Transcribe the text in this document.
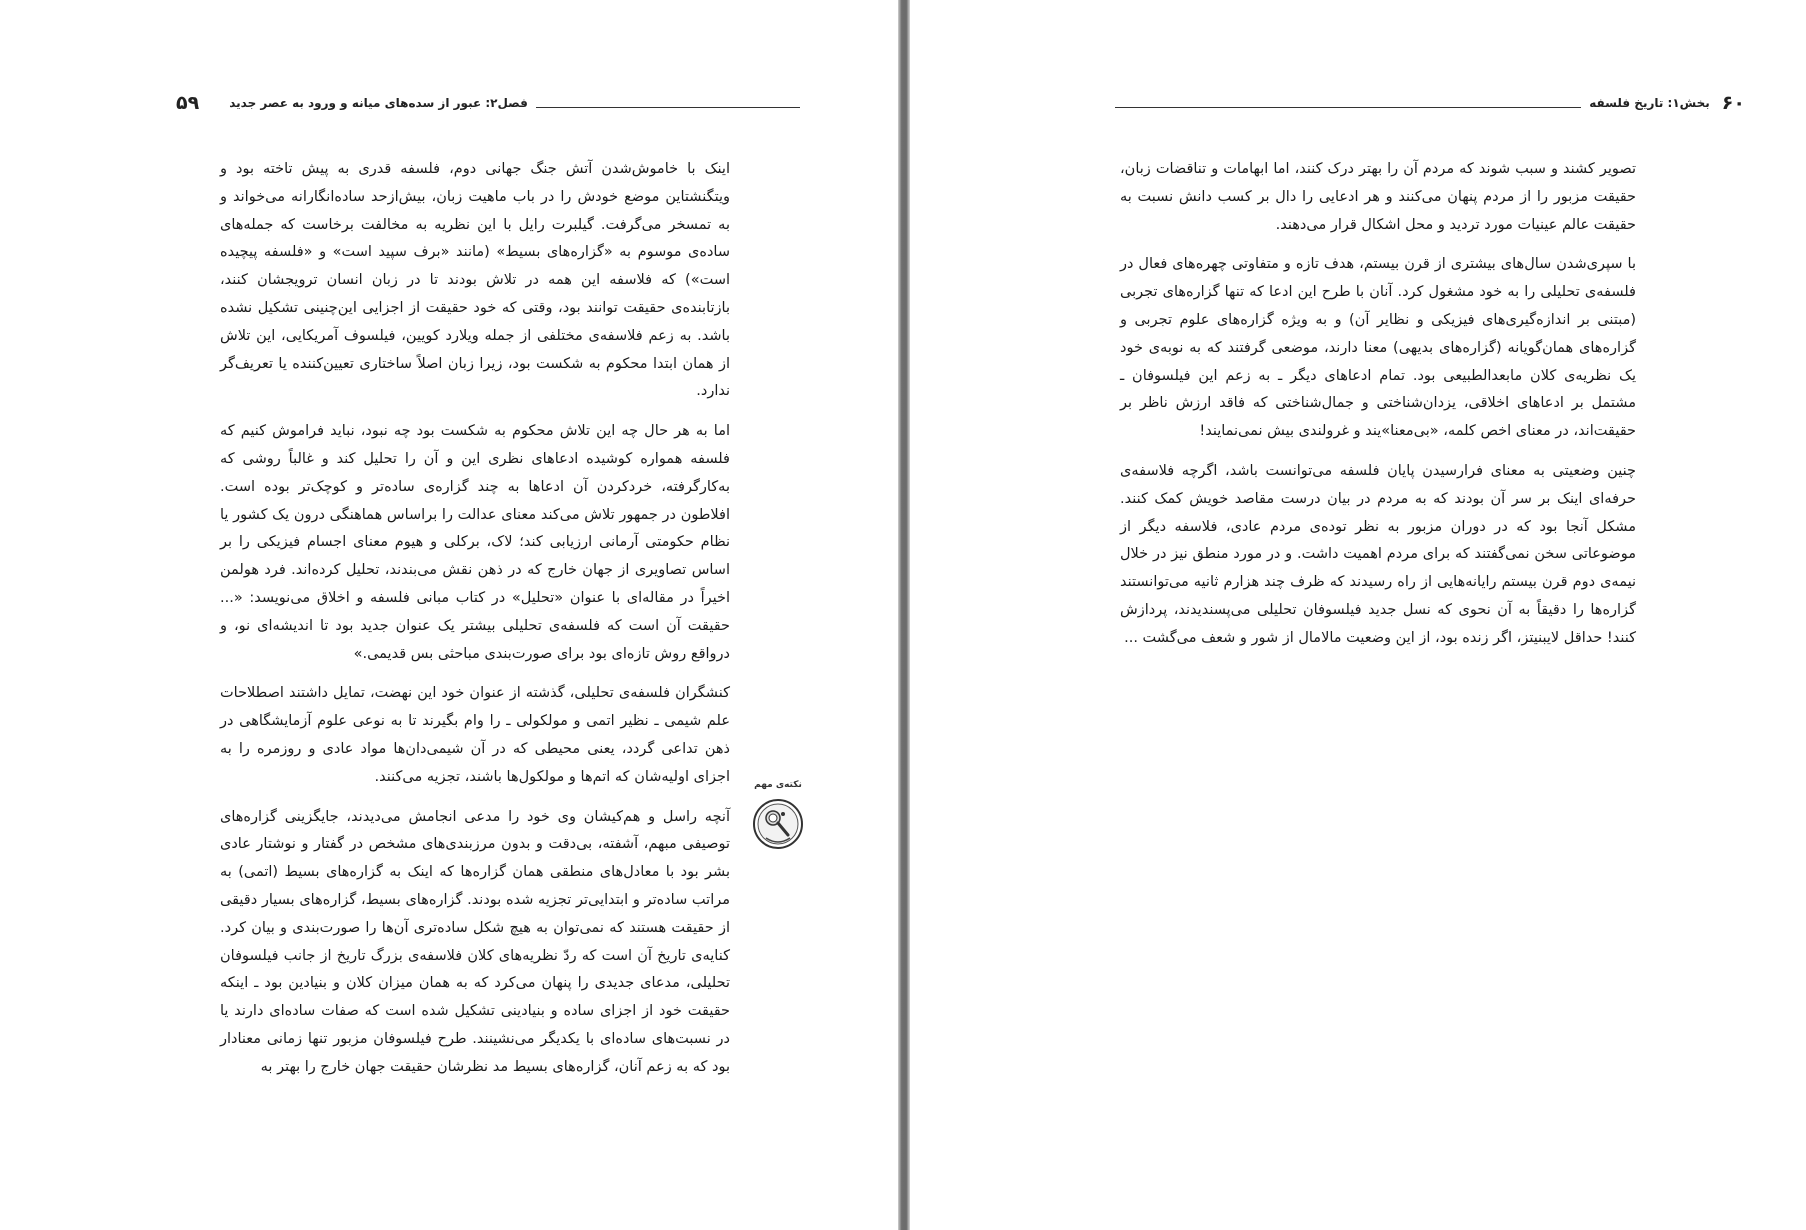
۵۹	فصل۲: عبور از سده‌های میانه و ورود به عصر جدید

اینک با خاموش‌شدن آتش جنگ جهانی دوم، فلسفه قدری به پیش تاخته بود و ویتگنشتاین موضع خودش را در باب ماهیت زبان، بیش‌ازحد ساده‌انگارانه می‌خواند و به تمسخر می‌گرفت. گیلبرت رایل با این نظریه به مخالفت برخاست که جمله‌های ساده‌ی موسوم به «گزاره‌های بسیط» (مانند «برف سپید است» و «فلسفه پیچیده است») که فلاسفه این همه در تلاش بودند تا در زبان انسان ترویجشان کنند، بازتابنده‌ی حقیقت توانند بود، وقتی که خود حقیقت از اجزایی این‌چنینی تشکیل نشده باشد. به زعم فلاسفه‌ی مختلفی از جمله ویلارد کویین، فیلسوف آمریکایی، این تلاش از همان ابتدا محکوم به شکست بود، زیرا زبان اصلاً ساختاری تعیین‌کننده یا تعریف‌گر ندارد.

اما به هر حال چه این تلاش محکوم به شکست بود چه نبود، نباید فراموش کنیم که فلسفه همواره کوشیده ادعاهای نظری این و آن را تحلیل کند و غالباً روشی که به‌کارگرفته، خردکردن آن ادعاها به چند گزاره‌ی ساده‌تر و کوچک‌تر بوده است. افلاطون در جمهور تلاش می‌کند معنای عدالت را براساس هماهنگی درون یک کشور یا نظام حکومتی آرمانی ارزیابی کند؛ لاک، برکلی و هیوم معنای اجسام فیزیکی را بر اساس تصاویری از جهان خارج که در ذهن نقش می‌بندند، تحلیل کرده‌اند. فرد هولمن اخیراً در مقاله‌ای با عنوان «تحلیل» در کتاب مبانی فلسفه و اخلاق می‌نویسد: «... حقیقت آن است که فلسفه‌ی تحلیلی بیشتر یک عنوان جدید بود تا اندیشه‌ای نو، و درواقع روش تازه‌ای بود برای صورت‌بندی مباحثی بس قدیمی.»

کنشگران فلسفه‌ی تحلیلی، گذشته از عنوان خود این نهضت، تمایل داشتند اصطلاحات علم شیمی ـ نظیر اتمی و مولکولی ـ را وام بگیرند تا به نوعی علوم آزمایشگاهی در ذهن تداعی گردد، یعنی محیطی که در آن شیمی‌دان‌ها مواد عادی و روزمره را به اجزای اولیه‌شان که اتم‌ها و مولکول‌ها باشند، تجزیه می‌کنند.

آنچه راسل و هم‌کیشان وی خود را مدعی انجامش می‌دیدند، جایگزینی گزاره‌های توصیفی مبهم، آشفته، بی‌دقت و بدون مرزبندی‌های مشخص در گفتار و نوشتار عادی بشر بود با معادل‌های منطقی همان گزاره‌ها که اینک به گزاره‌های بسیط (اتمی) به مراتب ساده‌تر و ابتدایی‌تر تجزیه شده بودند. گزاره‌های بسیط، گزاره‌های بسیار دقیقی از حقیقت هستند که نمی‌توان به هیچ شکل ساده‌تری آن‌ها را صورت‌بندی و بیان کرد. کنایه‌ی تاریخ آن است که ردّ نظریه‌های کلان فلاسفه‌ی بزرگ تاریخ از جانب فیلسوفان تحلیلی، مدعای جدیدی را پنهان می‌کرد که به همان میزان کلان و بنیادین بود ـ اینکه حقیقت خود از اجزای ساده و بنیادینی تشکیل شده است که صفات ساده‌ای دارند یا در نسبت‌های ساده‌ای با یکدیگر می‌نشینند. طرح فیلسوفان مزبور تنها زمانی معنادار بود که به زعم آنان، گزاره‌های بسیط مد نظرشان حقیقت جهان خارج را بهتر به

نکته‌ی مهم
بخش۱: تاریخ فلسفه ۶۰

تصویر کشند و سبب شوند که مردم آن را بهتر درک کنند، اما ابهامات و تناقضات زبان، حقیقت مزبور را از مردم پنهان می‌کنند و هر ادعایی را دال بر کسب دانش نسبت به حقیقت عالم عینیات مورد تردید و محل اشکال قرار می‌دهند.

با سپری‌شدن سال‌های بیشتری از قرن بیستم، هدف تازه و متفاوتی چهره‌های فعال در فلسفه‌ی تحلیلی را به خود مشغول کرد. آنان با طرح این ادعا که تنها گزاره‌های تجربی (مبتنی بر اندازه‌گیری‌های فیزیکی و نظایر آن) و به ویژه گزاره‌های علوم تجربی و گزاره‌های همان‌گویانه (گزاره‌های بدیهی) معنا دارند، موضعی گرفتند که به نوبه‌ی خود یک نظریه‌ی کلان مابعدالطبیعی بود. تمام ادعاهای دیگر ـ به زعم این فیلسوفان ـ مشتمل بر ادعاهای اخلاقی، یزدان‌شناختی و جمال‌شناختی که فاقد ارزش ناظر بر حقیقت‌اند، در معنای اخص کلمه، «بی‌معنا»یند و غرولندی بیش نمی‌نمایند!

چنین وضعیتی به معنای فرارسیدن پایان فلسفه می‌توانست باشد، اگرچه فلاسفه‌ی حرفه‌ای اینک بر سر آن بودند که به مردم در بیان درست مقاصد خویش کمک کنند. مشکل آنجا بود که در دوران مزبور به نظر توده‌ی مردم عادی، فلاسفه دیگر از موضوعاتی سخن نمی‌گفتند که برای مردم اهمیت داشت. و در مورد منطق نیز در خلال نیمه‌ی دوم قرن بیستم رایانه‌هایی از راه رسیدند که ظرف چند هزارم ثانیه می‌توانستند گزاره‌ها را دقیقاً به آن نحوی که نسل جدید فیلسوفان تحلیلی می‌پسندیدند، پردازش کنند! حداقل لایبنیتز، اگر زنده بود، از این وضعیت مالامال از شور و شعف می‌گشت ...
